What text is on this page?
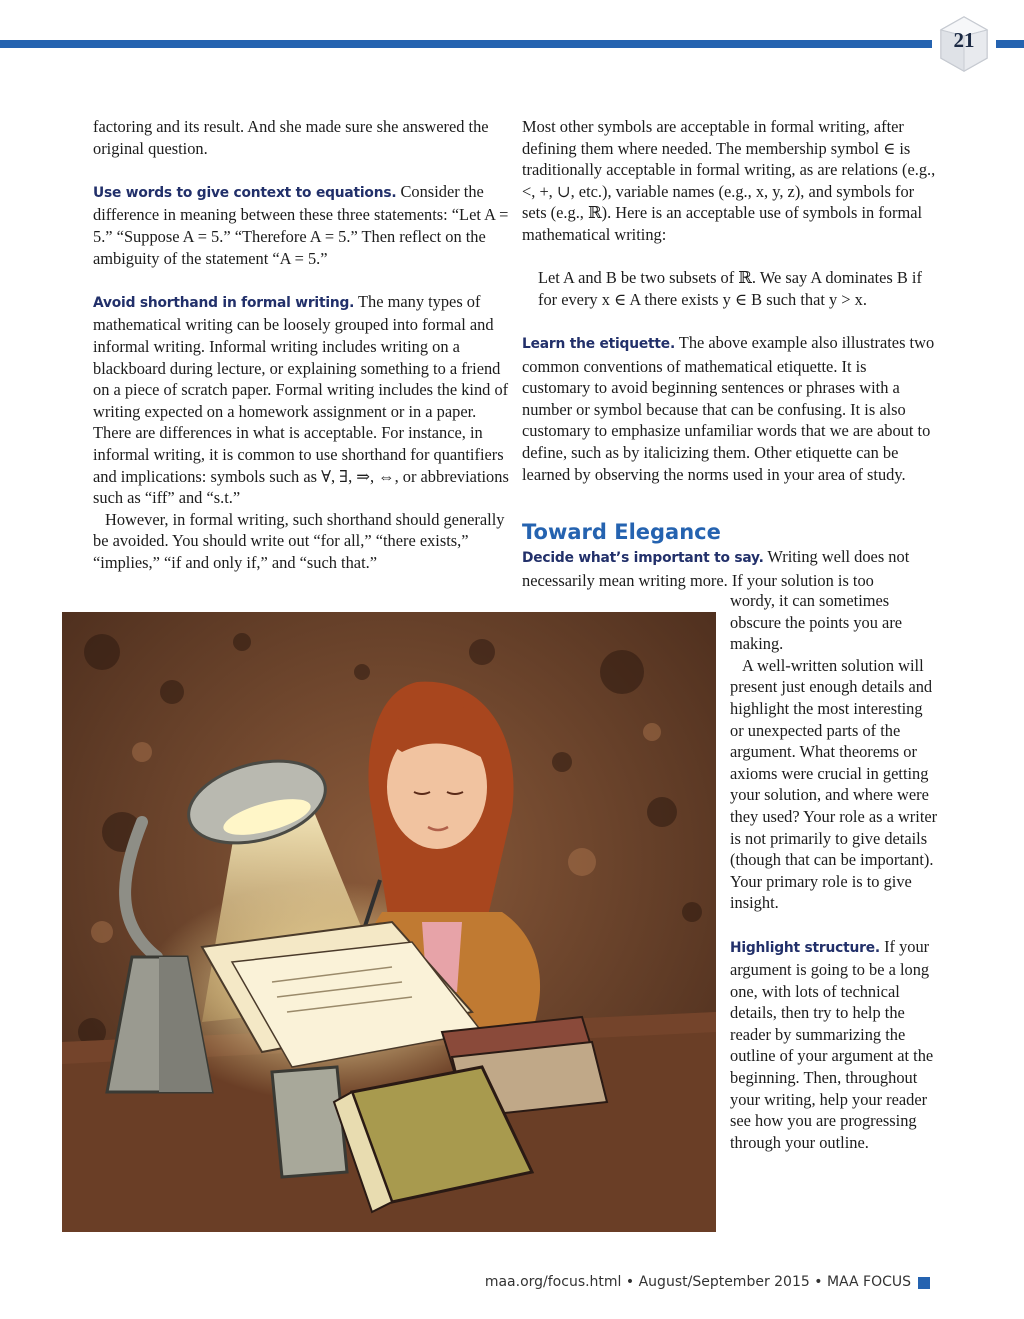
21

factoring and its result. And she made sure she answered the original question.

Use words to give context to equations. Consider the difference in meaning between these three statements: “Let A = 5.” “Suppose A = 5.” “Therefore A = 5.” Then reflect on the ambiguity of the statement “A = 5.”

Avoid shorthand in formal writing. The many types of mathematical writing can be loosely grouped into formal and informal writing. Informal writing includes writing on a blackboard during lecture, or explaining something to a friend on a piece of scratch paper. Formal writing includes the kind of writing expected on a homework assignment or in a paper. There are differences in what is acceptable. For instance, in informal writing, it is common to use shorthand for quantifiers and implications: symbols such as ∀, ∃, ⇒, ⇔, or abbreviations such as “iff” and “s.t.”

However, in formal writing, such shorthand should generally be avoided. You should write out “for all,” “there exists,” “implies,” “if and only if,” and “such that.”

Most other symbols are acceptable in formal writing, after defining them where needed. The membership symbol ∈ is traditionally acceptable in formal writing, as are relations (e.g., <, +, ∪, etc.), variable names (e.g., x, y, z), and symbols for sets (e.g., ℝ). Here is an acceptable use of symbols in formal mathematical writing:

Let A and B be two subsets of ℝ. We say A dominates B if for every x ∈ A there exists y ∈ B such that y > x.

Learn the etiquette. The above example also illustrates two common conventions of mathematical etiquette. It is customary to avoid beginning sentences or phrases with a number or symbol because that can be confusing. It is also customary to emphasize unfamiliar words that we are about to define, such as by italicizing them. Other etiquette can be learned by observing the norms used in your area of study.

Toward Elegance

Decide what’s important to say. Writing well does not necessarily mean writing more. If your solution is too

wordy, it can sometimes obscure the points you are making.

A well-written solution will present just enough details and highlight the most interesting or unexpected parts of the argument. What theorems or axioms were crucial in getting your solution, and where were they used? Your role as a writer is not primarily to give details (though that can be important). Your primary role is to give insight.

Highlight structure. If your argument is going to be a long one, with lots of technical details, then try to help the reader by summarizing the outline of your argument at the beginning. Then, throughout your writing, help your reader see how you are progressing through your outline.

maa.org/focus.html • August/September 2015 • MAA FOCUS
